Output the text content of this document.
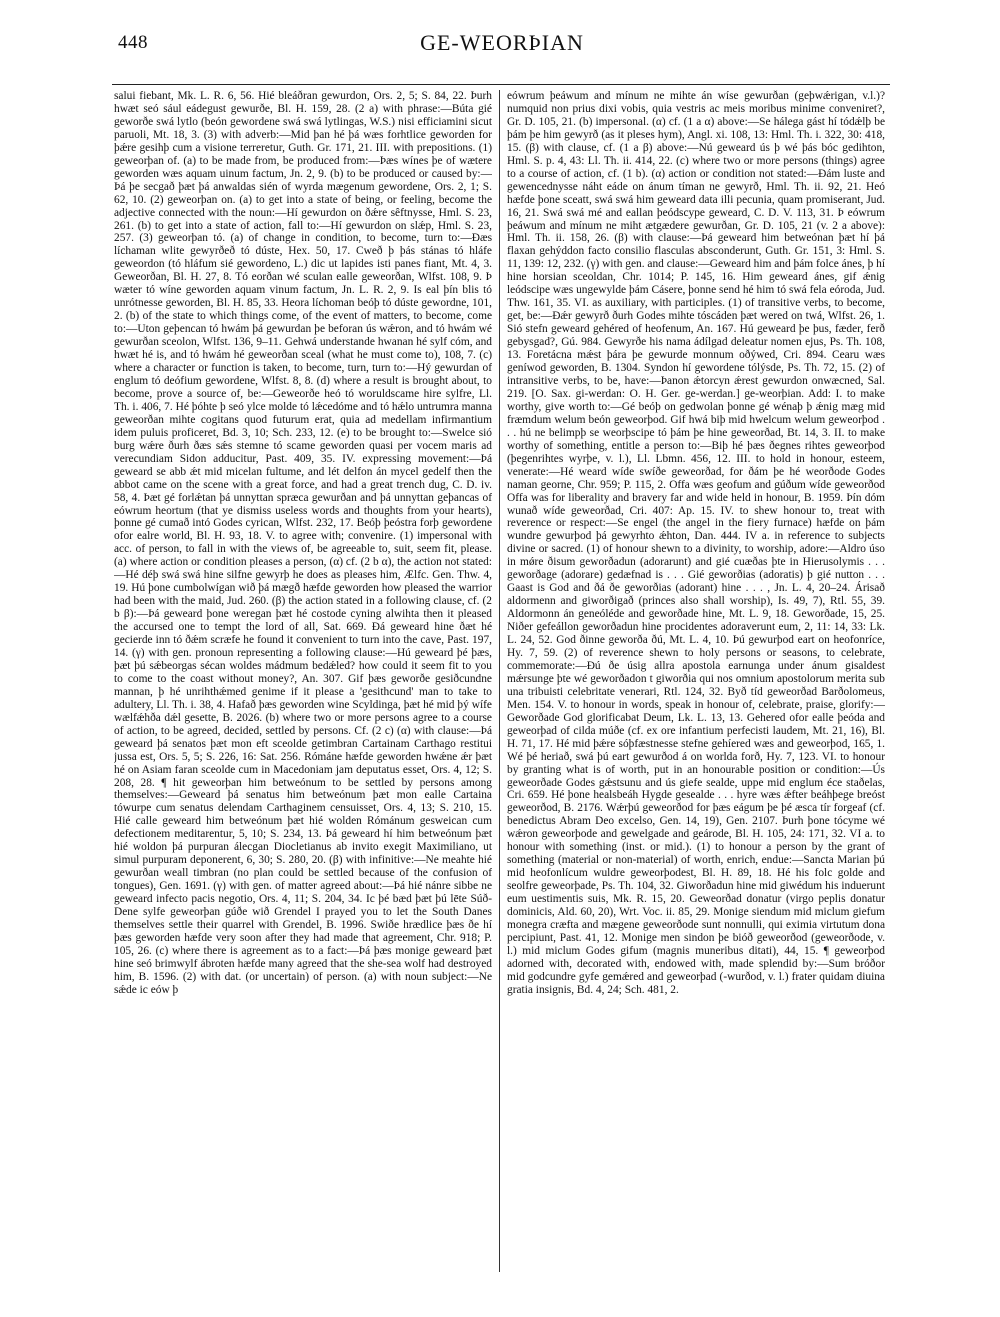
448	GE-WEORÞIAN

salui fiebant, Mk. L. R. 6, 56. Hié bleáðran gewurdon, Ors. 2, 5; S. 84, 22. Þurh hwæt seó sául eádegust gewurðe, Bl. H. 159, 28. (2 a) with phrase:—Búta gié geworðe swá lytlo (beón gewordene swá swá lytlingas, W.S.) nisi efficiamini sicut paruoli, Mt. 18, 3. (3) with adverb:—Mid þan hé þá wæs forhtlice geworden for þǽre gesihþ cum a visione terreretur, Guth. Gr. 171, 21. III. with prepositions. (1) geweorþan of. (a) to be made from, be produced from:—Þæs wínes þe of wætere geworden wæs aquam uinum factum, Jn. 2, 9. (b) to be produced or caused by:—Þá þe secgað þæt þá anwaldas sién of wyrda mægenum gewordene, Ors. 2, 1; S. 62, 10. (2) geweorþan on. (a) to get into a state of being, or feeling, become the adjective connected with the noun:—Hí gewurdon on ðǽre sêftnysse, Hml. S. 23, 261. (b) to get into a state of action, fall to:—Hí gewurdon on slǽp, Hml. S. 23, 257. (3) geweorþan tó. (a) of change in condition, to become, turn to:—Ðæs líchaman wlite gewyrðeð tó dúste, Hex. 50, 17. Cweð þ þás stánas tó hláfe geweordon (tó hláfum sié gewordeno, L.) dic ut lapides isti panes fiant, Mt. 4, 3. Geweorðan, Bl. H. 27, 8. Tó eorðan wé sculan ealle geweorðan, Wlfst. 108, 9. Þ wæter tó wíne geworden aquam vinum factum, Jn. L. R. 2, 9. Is eal þín blis tó unrótnesse geworden, Bl. H. 85, 33. Heora líchoman beóþ tó dúste gewordne, 101, 2. (b) of the state to which things come, of the event of matters, to become, come to:—Uton geþencan tó hwám þá gewurdan þe beforan ús wǽron, and tó hwám wé gewurðan sceolon, Wlfst. 136, 9–11. Gehwá understande hwanan hé sylf cóm, and hwæt hé is, and tó hwám hé geweorðan sceal (what he must come to), 108, 7. (c) where a character or function is taken, to become, turn, turn to:—Hý gewurdan of englum tó deófium gewordene, Wlfst. 8, 8. (d) where a result is brought about, to become, prove a source of, be:—Geweorðe heó tó woruldscame hire sylfre, Ll. Th. i. 406, 7. Hé þóhte þ seó ylce molde tó lǽcedóme and tó hǽlo untrumra manna geweorðan mihte cogitans quod futurum erat, quia ad medellam infirmantium idem puluis proficeret, Bd. 3, 10; Sch. 233, 12. (e) to be brought to:—Swelce sió burg wǽre ðurh ðæs sǽs stemne tó scame geworden quasi per vocem maris ad verecundiam Sidon adducitur, Past. 409, 35. IV. expressing movement:—Þá geweard se abb ǽt mid micelan fultume, and lét delfon án mycel gedelf then the abbot came on the scene with a great force, and had a great trench dug, C. D. iv. 58, 4. Þæt gé forlǽtan þá unnyttan spræca gewurðan and þá unnyttan geþancas of eówrum heortum (that ye dismiss useless words and thoughts from your hearts), þonne gé cumað intó Godes cyrican, Wlfst. 232, 17. Beóþ þeóstra forþ gewordene ofor ealre world, Bl. H. 93, 18. V. to agree with; convenire. (1) impersonal with acc. of person, to fall in with the views of, be agreeable to, suit, seem fit, please. (a) where action or condition pleases a person, (α) cf. (2 b α), the action not stated:—Hé déþ swá swá hine silfne gewyrþ he does as pleases him, Ælfc. Gen. Thw. 4, 19. Hú þone cumbolwígan wið þá mægð hæfde geworden how pleased the warrior had been with the maid, Jud. 260. (β) the action stated in a following clause, cf. (2 b β):—Þá geweard þone weregan þæt hé costode cyning alwihta then it pleased the accursed one to tempt the lord of all, Sat. 669. Ðá geweard hine ðæt hé gecierde inn tó ðǽm scræfe he found it convenient to turn into the cave, Past. 197, 14. (γ) with gen. pronoun representing a following clause:—Hú geweard þé þæs, þæt þú sǽbeorgas sécan woldes mádmum bedǽled? how could it seem fit to you to come to the coast without money?, An. 307. Gif þæs geworðe gesiðcundne mannan, þ hé unrihthǽmed genime if it please a 'gesithcund' man to take to adultery, Ll. Th. i. 38, 4. Hafað þæs geworden wine Scyldinga, þæt hé mid þý wífe wælfǽhða dǽl gesette, B. 2026. (b) where two or more persons agree to a course of action, to be agreed, decided, settled by persons. Cf. (2 c) (α) with clause:—Þá geweard þá senatos þæt mon eft sceolde getimbran Cartainam Carthago restitui jussa est, Ors. 5, 5; S. 226, 16: Sat. 256. Rómáne hæfde geworden hwǽne ǽr þæt hé on Asiam faran sceolde cum in Macedoniam jam deputatus esset, Ors. 4, 12; S. 208, 28. ¶ hit geweorþan him betweónum to be settled by persons among themselves:—Geweard þá senatus him betweónum þæt mon ealle Cartaina tówurpe cum senatus delendam Carthaginem censuisset, Ors. 4, 13; S. 210, 15. Hié calle geweard him betweónum þæt hié wolden Rómánum gesweican cum defectionem meditarentur, 5, 10; S. 234, 13. Þá geweard hí him betweónum þæt hié woldon þá purpuran álecgan Diocletianus ab invito exegit Maximiliano, ut simul purpuram deponerent, 6, 30; S. 280, 20. (β) with infinitive:—Ne meahte hié gewurðan weall timbran (no plan could be settled because of the confusion of tongues), Gen. 1691. (γ) with gen. of matter agreed about:—Þá hié nánre sibbe ne geweard infecto pacis negotio, Ors. 4, 11; S. 204, 34. Ic þé bæd þæt þú lēte Súð-Dene sylfe geweorþan gúðe wið Grendel I prayed you to let the South Danes themselves settle their quarrel with Grendel, B. 1996. Swiðe hrædlice þæs ðe hí þæs geworden hæfde very soon after they had made that agreement, Chr. 918; P. 105, 26. (c) where there is agreement as to a fact:—Þá þæs monige geweard þæt hine seó brimwylf ábroten hæfde many agreed that the she-sea wolf had destroyed him, B. 1596. (2) with dat. (or uncertain) of person. (a) with noun subject:—Ne sǽde ic eów þ

eówrum þeáwum and mínum ne mihte án wíse gewurðan (geþwǽrigan, v.l.)? numquid non prius dixi vobis, quia vestris ac meis moribus minime conveniret?, Gr. D. 105, 21. (b) impersonal. (α) cf. (1 a α) above:—Se hálega gást hí tódǽlþ be þám þe him gewyrð (as it pleses hym), Angl. xi. 108, 13: Hml. Th. i. 322, 30: 418, 15. (β) with clause, cf. (1 a β) above:—Nú geweard ús þ wé þás bóc gedihton, Hml. S. p. 4, 43: Ll. Th. ii. 414, 22. (c) where two or more persons (things) agree to a course of action, cf. (1 b). (α) action or condition not stated:—Ðám luste and gewencednysse náht eáde on ánum tíman ne gewyrð, Hml. Th. ii. 92, 21. Heó hæfde þone sceatt, swá swá him geweard data illi pecunia, quam promiserant, Jud. 16, 21. Swá swá mé and eallan þeódscype geweard, C. D. V. 113, 31. Þ eówrum þeáwum and mínum ne miht ætgædere gewurðan, Gr. D. 105, 21 (v. 2 a above): Hml. Th. ii. 158, 26. (β) with clause:—Þá geweard him betweónan þæt hí þá flaxan gehýddon facto consilio flasculas absconderunt, Guth. Gr. 151, 3: Hml. S. 11, 139: 12, 232. (γ) with gen. and clause:—Geweard him and þám folce ánes, þ hí hine horsian sceoldan, Chr. 1014; P. 145, 16. Him geweard ánes, gif ǽnig leódscipe wæs ungewylde þám Cásere, þonne send hé him tó swá fela eóroda, Jud. Thw. 161, 35. VI. as auxiliary, with participles. (1) of transitive verbs, to become, get, be:—Ðǽr gewyrð ðurh Godes mihte tóscáden þæt wered on twá, Wlfst. 26, 1. Sió stefn geweard gehéred of heofenum, An. 167. Hú geweard þe þus, fæder, ferð gebysgad?, Gú. 984. Gewyrðe his nama ádílgad deleatur nomen ejus, Ps. Th. 108, 13. Foretácna mǽst þára þe gewurde monnum oðýwed, Cri. 894. Cearu wæs geníwod geworden, B. 1304. Syndon hí gewordene tólýsde, Ps. Th. 72, 15. (2) of intransitive verbs, to be, have:—Þanon ǽtorcyn ǽrest gewurdon onwæcned, Sal. 219. [O. Sax. gi-werdan: O. H. Ger. ge-werdan.] ge-weorþian. Add: I. to make worthy, give worth to:—Gé beóþ on gedwolan þonne gé wénaþ þ ǽnig mæg mid fræmdum welum beón geweorþod. Gif hwá biþ mid hwelcum welum geweorþod . . . hú ne belimpþ se weorþscipe tó þám þe hine geweorðad, Bt. 14, 3. II. to make worthy of something, entitle a person to:—Biþ hé þæs ðegnes rihtes geweorþod (þegenrihtes wyrþe, v. l.), Ll. Lbmn. 456, 12. III. to hold in honour, esteem, venerate:—Hé weard wíde swíðe geweorðad, for ðám þe hé weorðode Godes naman georne, Chr. 959; P. 115, 2. Offa wæs geofum and gúðum wíde geweorðod Offa was for liberality and bravery far and wide held in honour, B. 1959. Þín dóm wunað wíde geweorðad, Cri. 407: Ap. 15. IV. to shew honour to, treat with reverence or respect:—Se engel (the angel in the fiery furnace) hæfde on þám wundre gewurþod þá gewyrhto ǽhton, Dan. 444. IV a. in reference to subjects divine or sacred. (1) of honour shewn to a divinity, to worship, adore:—Aldro úso in mǿre ðisum geworðadun (adorarunt) and gié cuæðas þte in Hierusolymis . . . geworðage (adorare) gedæfnad is . . . Gié geworðias (adoratis) þ gié nutton . . . Gaast is God and ðá ðe geworðias (adorant) hine . . . , Jn. L. 4, 20–24. Árisað aldormenn and giworðigað (princes also shall worship), Is. 49, 7), Rtl. 55, 39. Aldormonn án geneóléde and geworðade hine, Mt. L. 9, 18. Geworðade, 15, 25. Niðer gefeállon geworðadun hine procidentes adoraverunt eum, 2, 11: 14, 33: Lk. L. 24, 52. God ðinne geworða ðú, Mt. L. 4, 10. Þú gewurþod eart on heofonríce, Hy. 7, 59. (2) of reverence shewn to holy persons or seasons, to celebrate, commemorate:—Ðú ðe úsig allra apostola earnunga under ánum gisaldest mǽrsunge þte wé geworðadon t giworðia qui nos omnium apostolorum merita sub una tribuisti celebritate venerari, Rtl. 124, 32. Byð tíd geweorðad Barðolomeus, Men. 154. V. to honour in words, speak in honour of, celebrate, praise, glorify:—Geworðade God glorificabat Deum, Lk. L. 13, 13. Gehered ofor ealle þeóda and geweorþad of cilda múðe (cf. ex ore infantium perfecisti laudem, Mt. 21, 16), Bl. H. 71, 17. Hé mid þǽre sóþfæstnesse stefne gehíered wæs and geweorþod, 165, 1. Wé þé heriað, swá þú eart gewurðod á on worlda forð, Hy. 7, 123. VI. to honour by granting what is of worth, put in an honourable position or condition:—Ús geweorðade Godes gǽstsunu and ús giefe sealde, uppe mid englum éce staðelas, Cri. 659. Hé þone healsbeáh Hygde gesealde . . . hyre wæs ǽfter beáhþege breóst geweorðod, B. 2176. Wǽrþú geweorðod for þæs eágum þe þé æsca tír forgeaf (cf. benedictus Abram Deo excelso, Gen. 14, 19), Gen. 2107. Þurh þone tócyme wé wǽron geweorþode and gewelgade and geárode, Bl. H. 105, 24: 171, 32. VI a. to honour with something (inst. or mid.). (1) to honour a person by the grant of something (material or non-material) of worth, enrich, endue:—Sancta Marian þú mid heofonlícum wuldre geweorþodest, Bl. H. 89, 18. Hé his folc golde and seolfre geweorþade, Ps. Th. 104, 32. Giworðadun hine mid giwédum his induerunt eum uestimentis suis, Mk. R. 15, 20. Geweorðad donatur (virgo peplis donatur dominicis, Ald. 60, 20), Wrt. Voc. ii. 85, 29. Monige siendum mid miclum giefum monegra cræfta and mægene geweorðode sunt nonnulli, qui eximia virtutum dona percipiunt, Past. 41, 12. Monige men sindon þe bióð geweorðod (geweorðode, v. l.) mid miclum Godes gifum (magnis muneribus ditati), 44, 15. ¶ geweorþod adorned with, decorated with, endowed with, made splendid by:—Sum bróðor mid godcundre gyfe gemǽred and geweorþad (-wurðod, v. l.) frater quidam diuina gratia insignis, Bd. 4, 24; Sch. 481, 2.
